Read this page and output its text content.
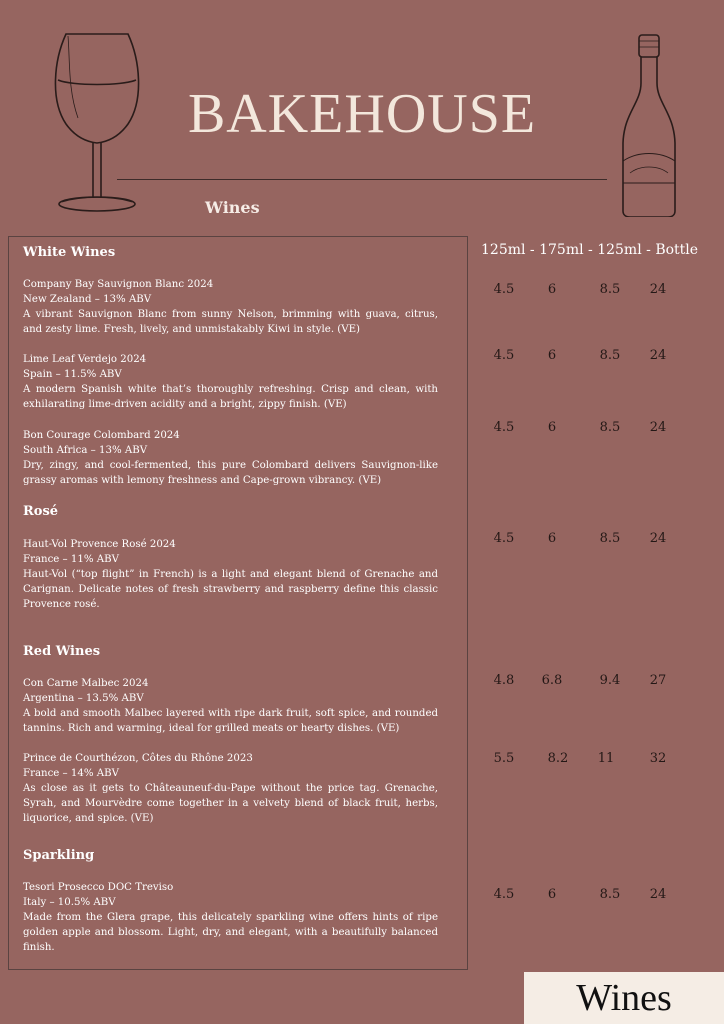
BAKEHOUSE
Wines
125ml - 175ml - 125ml - Bottle
White Wines
Company Bay Sauvignon Blanc 2024
New Zealand – 13% ABV
A vibrant Sauvignon Blanc from sunny Nelson, brimming with guava, citrus, and zesty lime. Fresh, lively, and unmistakably Kiwi in style. (VE)
4.5	6	8.5	24
Lime Leaf Verdejo 2024
Spain – 11.5% ABV
A modern Spanish white that’s thoroughly refreshing. Crisp and clean, with exhilarating lime-driven acidity and a bright, zippy finish. (VE)
4.5	6	8.5	24
Bon Courage Colombard 2024
South Africa – 13% ABV
Dry, zingy, and cool-fermented, this pure Colombard delivers Sauvignon-like grassy aromas with lemony freshness and Cape-grown vibrancy. (VE)
4.5	6	8.5	24
Rosé
Haut-Vol Provence Rosé 2024
France – 11% ABV
Haut-Vol (“top flight” in French) is a light and elegant blend of Grenache and Carignan. Delicate notes of fresh strawberry and raspberry define this classic Provence rosé.
4.5	6	8.5	24
Red Wines
Con Carne Malbec 2024
Argentina – 13.5% ABV
A bold and smooth Malbec layered with ripe dark fruit, soft spice, and rounded tannins. Rich and warming, ideal for grilled meats or hearty dishes. (VE)
4.8	6.8	9.4	27
Prince de Courthézon, Côtes du Rhône 2023
France – 14% ABV
As close as it gets to Châteauneuf-du-Pape without the price tag. Grenache, Syrah, and Mourvèdre come together in a velvety blend of black fruit, herbs, liquorice, and spice. (VE)
5.5	8.2	11	32
Sparkling
Tesori Prosecco DOC Treviso
Italy – 10.5% ABV
Made from the Glera grape, this delicately sparkling wine offers hints of ripe golden apple and blossom. Light, dry, and elegant, with a beautifully balanced finish.
4.5	6	8.5	24
Wines
